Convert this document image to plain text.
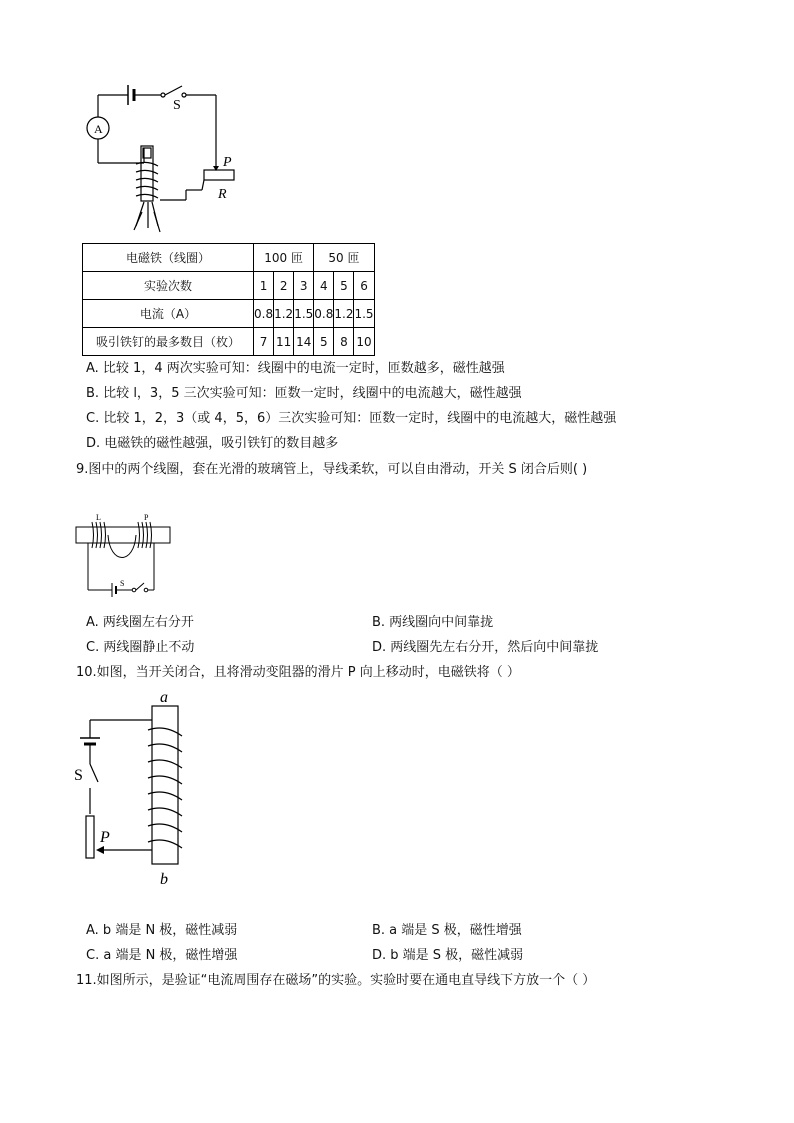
A
S
P
R
电磁铁（线圈）	100 匝			50 匝		
实验次数	1	2	3	4	5	6
电流（A）	0.8	1.2	1.5	0.8	1.2	1.5
吸引铁钉的最多数目（枚）	7	11	14	5	8	10
A. 比较 1，4 两次实验可知：线圈中的电流一定时，匝数越多，磁性越强
B. 比较 l，3，5 三次实验可知：匝数一定时，线圈中的电流越大，磁性越强
C. 比较 1，2，3（或 4，5，6）三次实验可知：匝数一定时，线圈中的电流越大，磁性越强
D. 电磁铁的磁性越强，吸引铁钉的数目越多
9.图中的两个线圈，套在光滑的玻璃管上，导线柔软，可以自由滑动，开关 S 闭合后则( )
L	P
S
A. 两线圈左右分开	B. 两线圈向中间靠拢
C. 两线圈静止不动	D. 两线圈先左右分开，然后向中间靠拢
10.如图，当开关闭合，且将滑动变阻器的滑片 P 向上移动时，电磁铁将（ ）
a
b
S
P
A. b 端是 N 极，磁性减弱	B. a 端是 S 极，磁性增强
C. a 端是 N 极，磁性增强	D. b 端是 S 极，磁性减弱
11.如图所示，是验证“电流周围存在磁场”的实验。实验时要在通电直导线下方放一个（ ）
